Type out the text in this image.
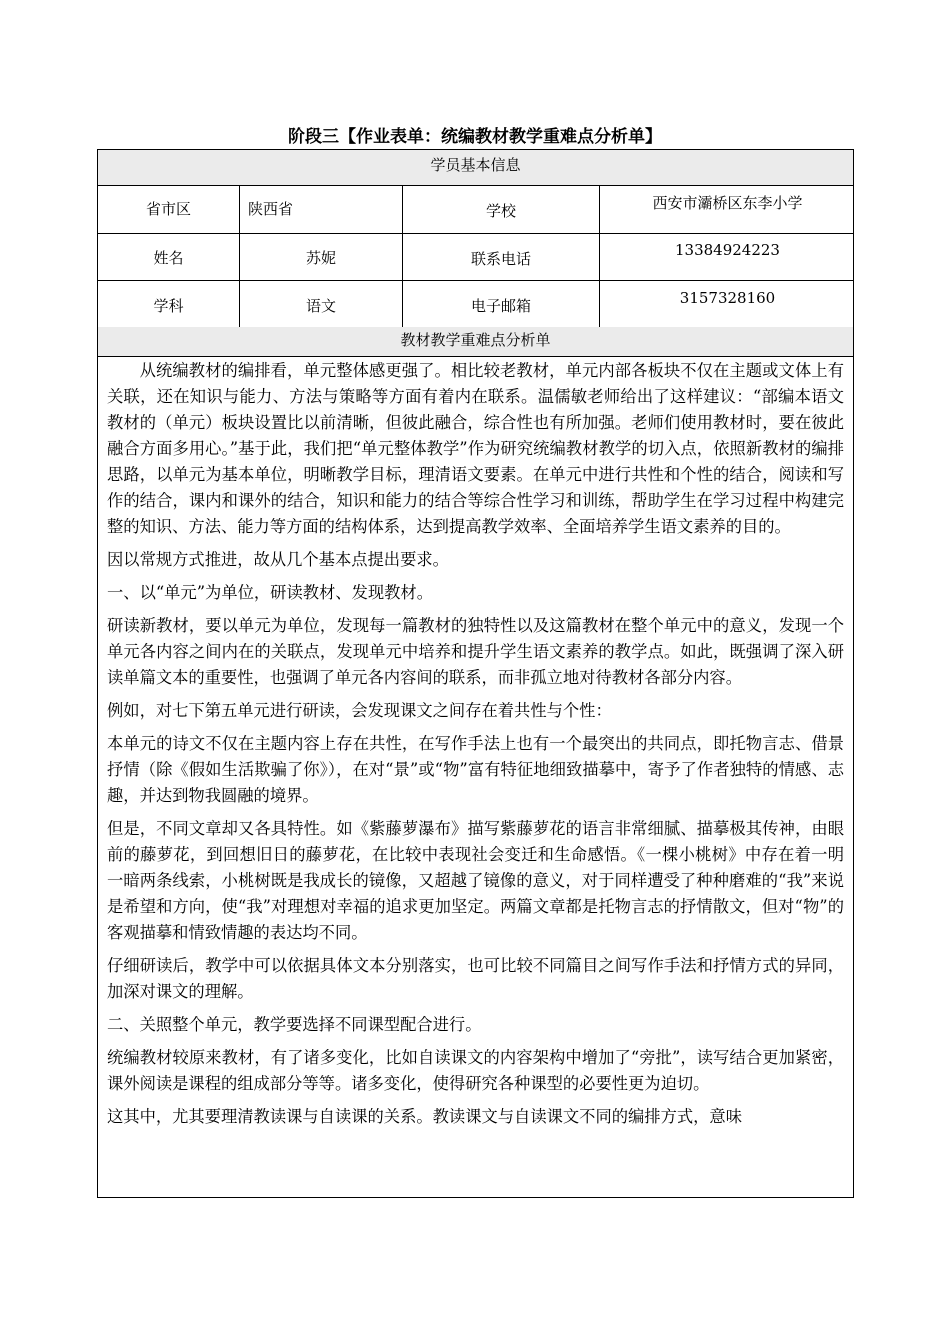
阶段三【作业表单：统编教材教学重难点分析单】
学员基本信息
省市区	陕西省	学校	西安市灞桥区东李小学
姓名	苏妮	联系电话	13384924223
学科	语文	电子邮箱	3157328160
教材教学重难点分析单

从统编教材的编排看，单元整体感更强了。相比较老教材，单元内部各板块不仅在主题或文体上有关联，还在知识与能力、方法与策略等方面有着内在联系。温儒敏老师给出了这样建议：“部编本语文教材的（单元）板块设置比以前清晰，但彼此融合，综合性也有所加强。老师们使用教材时，要在彼此融合方面多用心。”基于此，我们把“单元整体教学”作为研究统编教材教学的切入点，依照新教材的编排思路，以单元为基本单位，明晰教学目标，理清语文要素。在单元中进行共性和个性的结合，阅读和写作的结合，课内和课外的结合，知识和能力的结合等综合性学习和训练，帮助学生在学习过程中构建完整的知识、方法、能力等方面的结构体系，达到提高教学效率、全面培养学生语文素养的目的。

因以常规方式推进，故从几个基本点提出要求。

一、以“单元”为单位，研读教材、发现教材。

研读新教材，要以单元为单位，发现每一篇教材的独特性以及这篇教材在整个单元中的意义，发现一个单元各内容之间内在的关联点，发现单元中培养和提升学生语文素养的教学点。如此，既强调了深入研读单篇文本的重要性，也强调了单元各内容间的联系，而非孤立地对待教材各部分内容。

例如，对七下第五单元进行研读，会发现课文之间存在着共性与个性：

本单元的诗文不仅在主题内容上存在共性，在写作手法上也有一个最突出的共同点，即托物言志、借景抒情（除《假如生活欺骗了你》），在对“景”或“物”富有特征地细致描摹中，寄予了作者独特的情感、志趣，并达到物我圆融的境界。

但是，不同文章却又各具特性。如《紫藤萝瀑布》描写紫藤萝花的语言非常细腻、描摹极其传神，由眼前的藤萝花，到回想旧日的藤萝花，在比较中表现社会变迁和生命感悟。《一棵小桃树》中存在着一明一暗两条线索，小桃树既是我成长的镜像，又超越了镜像的意义，对于同样遭受了种种磨难的“我”来说是希望和方向，使“我”对理想对幸福的追求更加坚定。两篇文章都是托物言志的抒情散文，但对“物”的客观描摹和情致情趣的表达均不同。

仔细研读后，教学中可以依据具体文本分别落实，也可比较不同篇目之间写作手法和抒情方式的异同，加深对课文的理解。

二、关照整个单元，教学要选择不同课型配合进行。

统编教材较原来教材，有了诸多变化，比如自读课文的内容架构中增加了“旁批”，读写结合更加紧密，课外阅读是课程的组成部分等等。诸多变化，使得研究各种课型的必要性更为迫切。

这其中，尤其要理清教读课与自读课的关系。教读课文与自读课文不同的编排方式，意味
